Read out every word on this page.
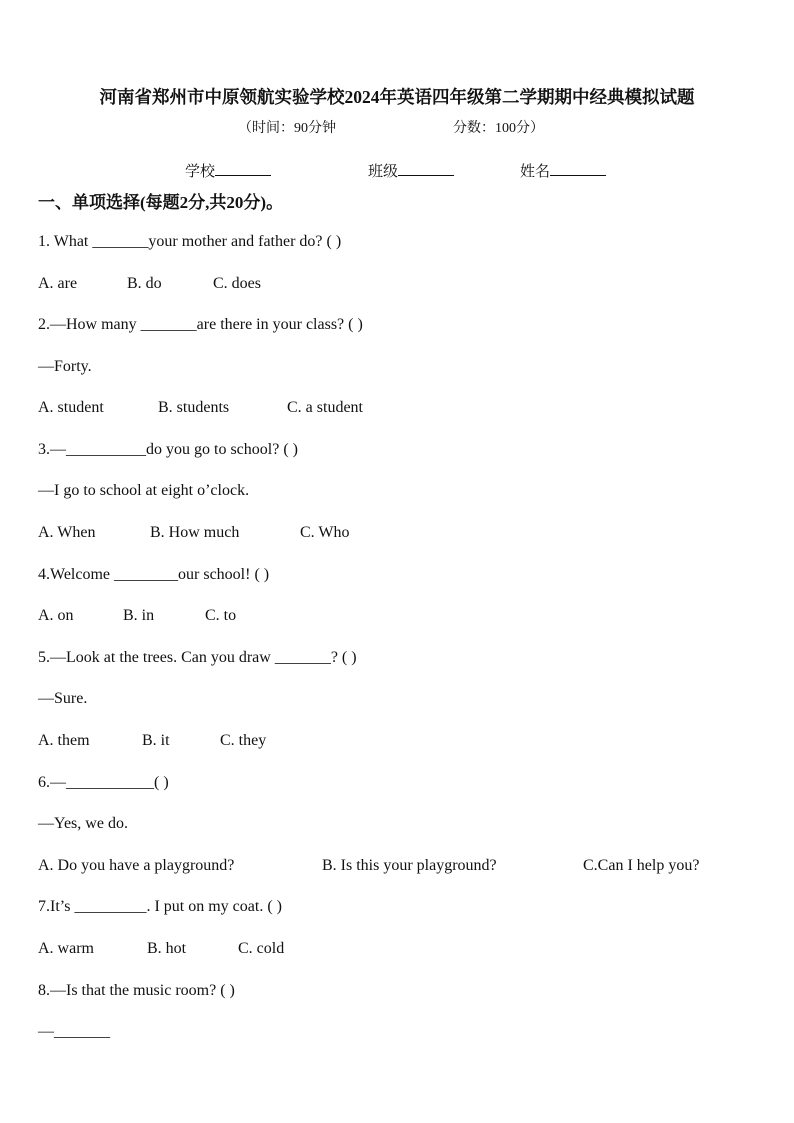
河南省郑州市中原领航实验学校2024年英语四年级第二学期期中经典模拟试题
（时间：90分钟	分数：100分）
学校	班级	姓名
一、单项选择(每题2分,共20分)。
1. What _______your mother and father do? ( )
A. are	B. do	C. does
2.—How many _______are there in your class? ( )
—Forty.
A. student	B. students	C. a student
3.—__________do you go to school? ( )
—I go to school at eight o’clock.
A. When	B. How much	C. Who
4.Welcome ________our school! ( )
A. on	B. in	C. to
5.—Look at the trees. Can you draw _______? ( )
—Sure.
A. them	B. it	C. they
6.—___________( )
—Yes, we do.
A. Do you have a playground?	B. Is this your playground?	C.Can I help you?
7.It’s _________. I put on my coat. ( )
A. warm	B. hot	C. cold
8.—Is that the music room? ( )
—_______
